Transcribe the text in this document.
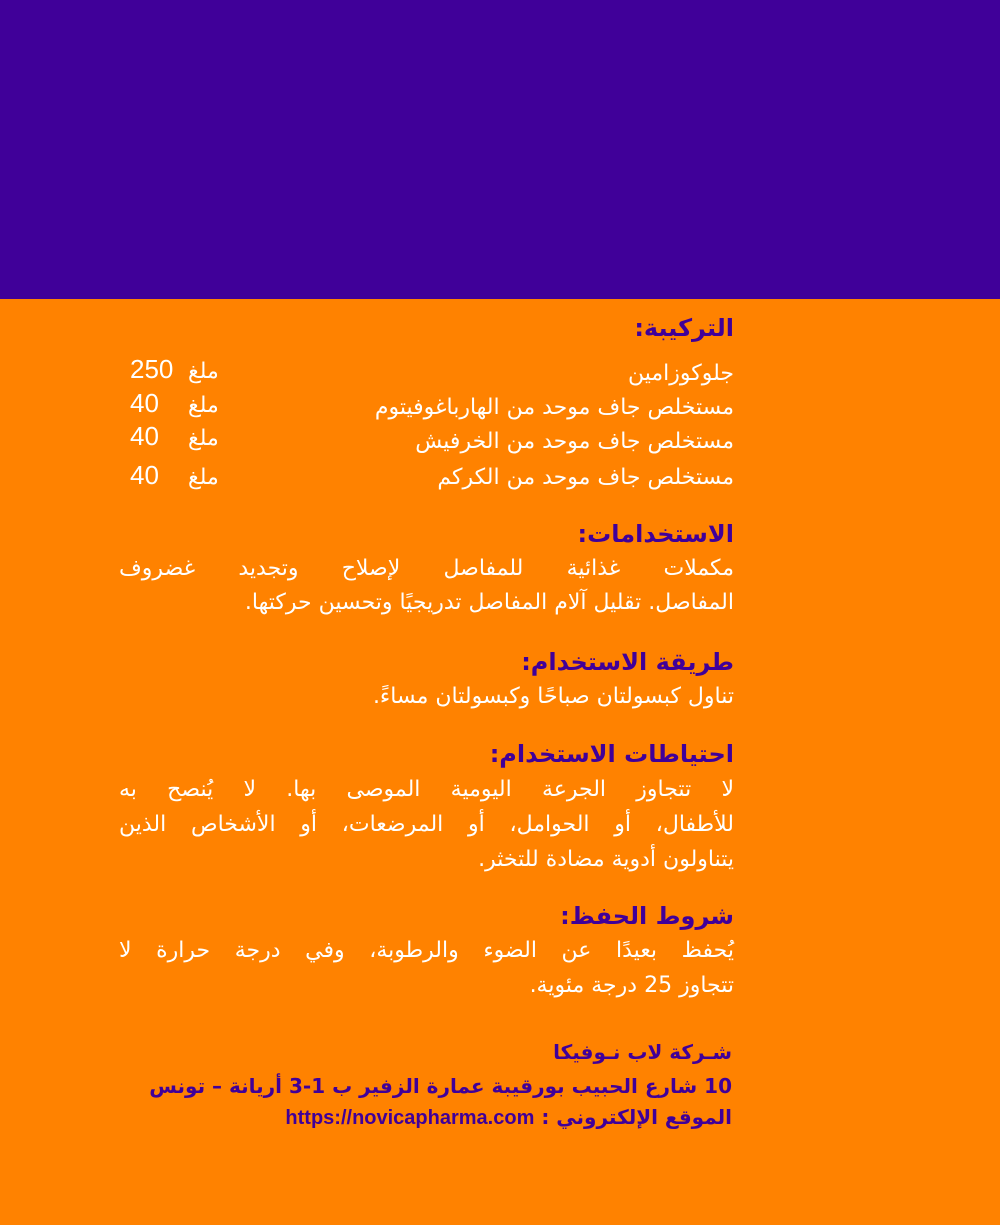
التركيبة:
جلوكوزامين
250 ملغ
مستخلص جاف موحد من الهارباغوفيتوم
40 ملغ
مستخلص جاف موحد من الخرفيش
40 ملغ
مستخلص جاف موحد من الكركم
40 ملغ
الاستخدامات:
مكملات غذائية للمفاصل لإصلاح وتجديد غضروف
المفاصل. تقليل آلام المفاصل تدريجيًا وتحسين حركتها.
طريقة الاستخدام:
تناول كبسولتان صباحًا وكبسولتان مساءً.
احتياطات الاستخدام:
لا تتجاوز الجرعة اليومية الموصى بها. لا يُنصح به
للأطفال، أو الحوامل، أو المرضعات، أو الأشخاص الذين
يتناولون أدوية مضادة للتخثر.
شروط الحفظ:
يُحفظ بعيدًا عن الضوء والرطوبة، وفي درجة حرارة لا
تتجاوز 25 درجة مئوية.
شـركة لاب نـوفيكا
10 شارع الحبيب بورقيبة عمارة الزفير ب 1-3 أريانة – تونس
الموقع الإلكتروني : https://novicapharma.com
